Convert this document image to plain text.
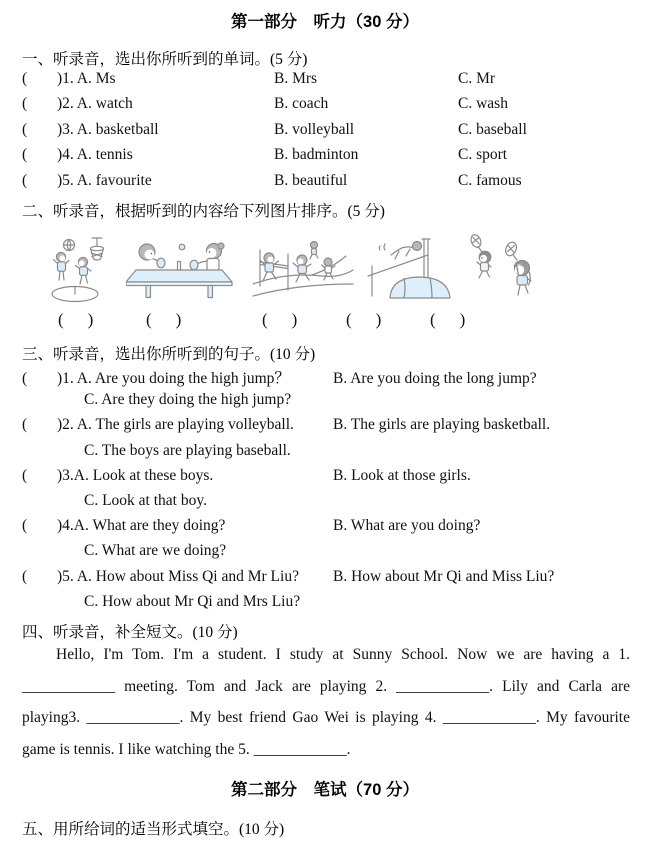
第一部分　听力（30 分）
一、听录音，选出你所听到的单词。(5 分)
(	)1. A. Ms	B. Mrs	C. Mr
(	)2. A. watch	B. coach	C. wash
(	)3. A. basketball	B. volleyball	C. baseball
(	)4. A. tennis	B. badminton	C. sport
(	)5. A. favourite	B. beautiful	C. famous
二、听录音，根据听到的内容给下列图片排序。(5 分)
( )	( )	( )	( )	( )
三、听录音，选出你所听到的句子。(10 分)
(	)1. A. Are you doing the high jump？	B. Are you doing the long jump?
C. Are they doing the high jump?
(	)2. A. The girls are playing volleyball.	B. The girls are playing basketball.
C. The boys are playing baseball.
(	)3.A. Look at these boys.	B. Look at those girls.
C. Look at that boy.
(	)4.A. What are they doing?	B. What are you doing?
C. What are we doing?
(	)5. A. How about Miss Qi and Mr Liu?	B. How about Mr Qi and Miss Liu?
C. How about Mr Qi and Mrs Liu?
四、听录音，补全短文。(10 分)
Hello, I'm Tom. I'm a student. I study at Sunny School. Now we are having a 1.
____________ meeting. Tom and Jack are playing 2. ____________. Lily and Carla are
playing3. ____________. My best friend Gao Wei is playing 4. ____________. My favourite
game is tennis. I like watching the 5. ____________.
第二部分　笔试（70 分）
五、用所给词的适当形式填空。(10 分)
